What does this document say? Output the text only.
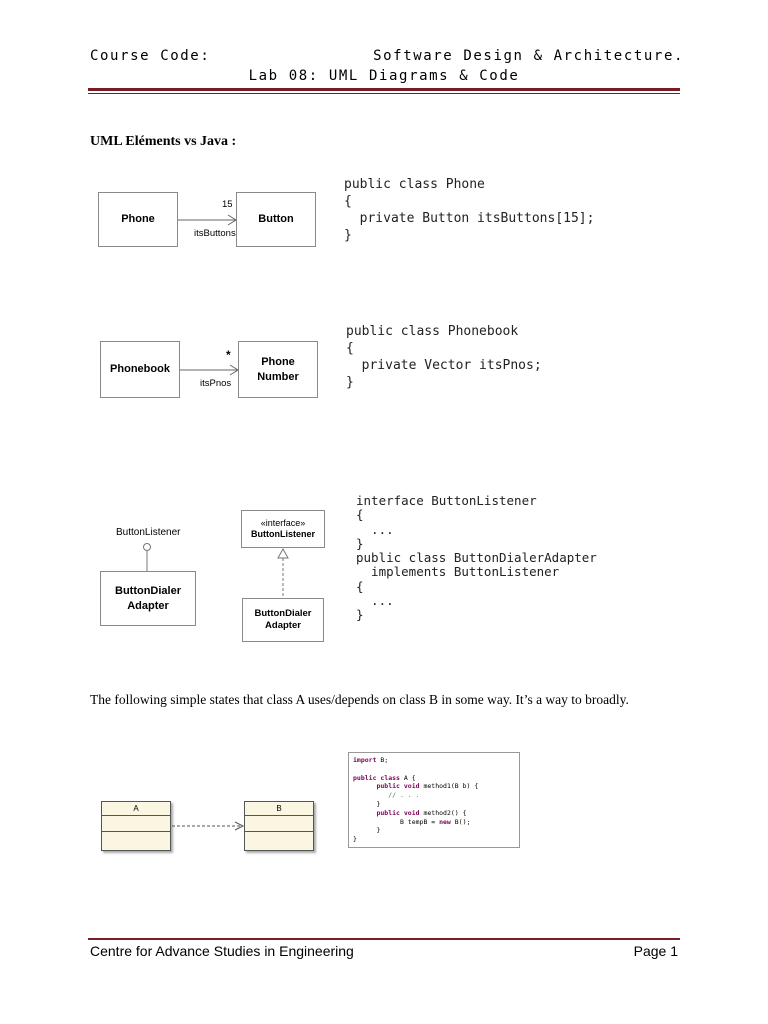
Course Code:	Software Design & Architecture.
Lab 08: UML Diagrams & Code
UML Eléments vs Java :
Phone	Button
15
itsButtons
public class Phone
{
private Button itsButtons[15];
}
Phonebook
Phone
Number
*
itsPnos
public class Phonebook
{
private Vector itsPnos;
}
ButtonListener
ButtonDialer
Adapter
«interface»
ButtonListener
ButtonDialer
Adapter
interface ButtonListener
{
...
}
public class ButtonDialerAdapter
implements ButtonListener
{
...
}
The following simple states that class A uses/depends on class B in some way. It’s a way to broadly.
A	B
import B;

public class A {
public void method1(B b) {
// . . .
}
public void method2() {
B tempB = new B();
}
}
Centre for Advance Studies in Engineering	Page 1
